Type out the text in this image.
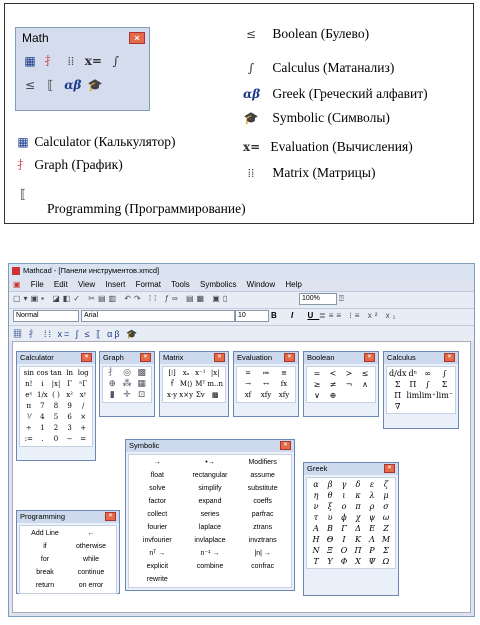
Math	×
▦ ⺘ ⁞⁞ x= ∫
≤ ⟦ αβ 🎓
▦ Calculator (Калькулятор)
⺘ Graph (График)
⟦
Programming (Программирование)
≤ Boolean (Булево)
∫ Calculus (Матанализ)
αβ Greek (Греческий алфавит)
🎓 Symbolic (Символы)
x= Evaluation (Вычисления)
⁞⁞ Matrix (Матрицы)
Mathcad - [Панели инструментов.xmcd]
▣ File Edit View Insert Format Tools Symbolics Window Help
▢▾▣▪ ◪◧✓ ✂▤▥ ↶↷ ⁞⁞ ƒ∞ ▤▦ ▣▯	100%	⍰
Normal	Arial	10	B I U ≣≡≡ ⁝≡ x² x₁
▦ ⺘ ⁞⁞ x= ∫ ≤ ⟦ αβ 🎓
Calculator	×
sin cos tan ln log
n!	i	|x| Γ	ⁿΓ
eˣ 1/x ( ) x² xʸ
π	7	8	9	/
⅟	4	5	6	×
÷	1	2	3	+
:=	.	0	−	=
Graph	×
⺘ ◎ ▩
⊕ ⁂ ▦
▮ ✛ ⊡
Matrix	×
[⁞] xₙ x⁻¹ |x|
f⃗ M⟨⟩ Mᵀ m..n
x·y x×y Σv	▩
Evaluation	×
=	≔	≡
→	↔	fx
xf	xfy	xfy
Boolean	×
=	<	>	≤
≥	≠	¬	∧
∨	⊕
Calculus	×
d/dx dⁿ ∞	∫
Σ	Π	∫	Σ
Π lim lim⁺ lim⁻
∇
Symbolic	×
→	•→	Modifiers
float	rectangular	assume
solve	simplify	substitute
factor	expand	coeffs
collect	series	parfrac
fourier	laplace	ztrans
invfourier	invlaplace	invztrans
nᵀ →	n⁻¹ →	|n| →
explicit	combine	confrac
rewrite
Greek	×
α	β	γ	δ	ε	ζ
η	θ	ι	κ	λ	μ
ν	ξ	ο	π	ρ	σ
τ	υ	ϕ	χ	ψ ω
Α	Β	Γ	Δ	Ε	Ζ
Η Θ	Ι	Κ	Λ Μ
Ν Ξ Ο Π Ρ	Σ
Τ	Υ	Φ Χ Ψ Ω
Programming	×
Add Line	←
if	otherwise
for	while
break	continue
return	on error
